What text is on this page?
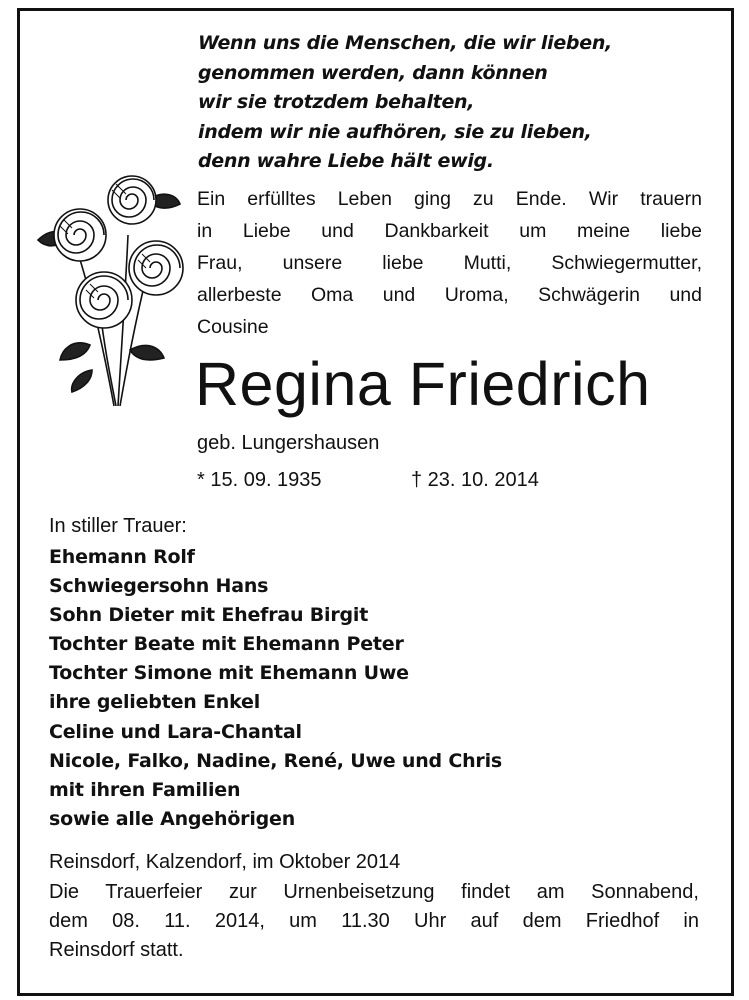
Wenn uns die Menschen, die wir lieben,
genommen werden, dann können
wir sie trotzdem behalten,
indem wir nie aufhören, sie zu lieben,
denn wahre Liebe hält ewig.
Ein erfülltes Leben ging zu Ende. Wir trauern
in Liebe und Dankbarkeit um meine liebe
Frau, unsere liebe Mutti, Schwiegermutter,
allerbeste Oma und Uroma, Schwägerin und
Cousine
Regina Friedrich
geb. Lungershausen
* 15. 09. 1935	† 23. 10. 2014
In stiller Trauer:
Ehemann Rolf
Schwiegersohn Hans
Sohn Dieter mit Ehefrau Birgit
Tochter Beate mit Ehemann Peter
Tochter Simone mit Ehemann Uwe
ihre geliebten Enkel
Celine und Lara-Chantal
Nicole, Falko, Nadine, René, Uwe und Chris
mit ihren Familien
sowie alle Angehörigen
Reinsdorf, Kalzendorf, im Oktober 2014
Die Trauerfeier zur Urnenbeisetzung findet am Sonnabend,
dem 08. 11. 2014, um 11.30 Uhr auf dem Friedhof in
Reinsdorf statt.
